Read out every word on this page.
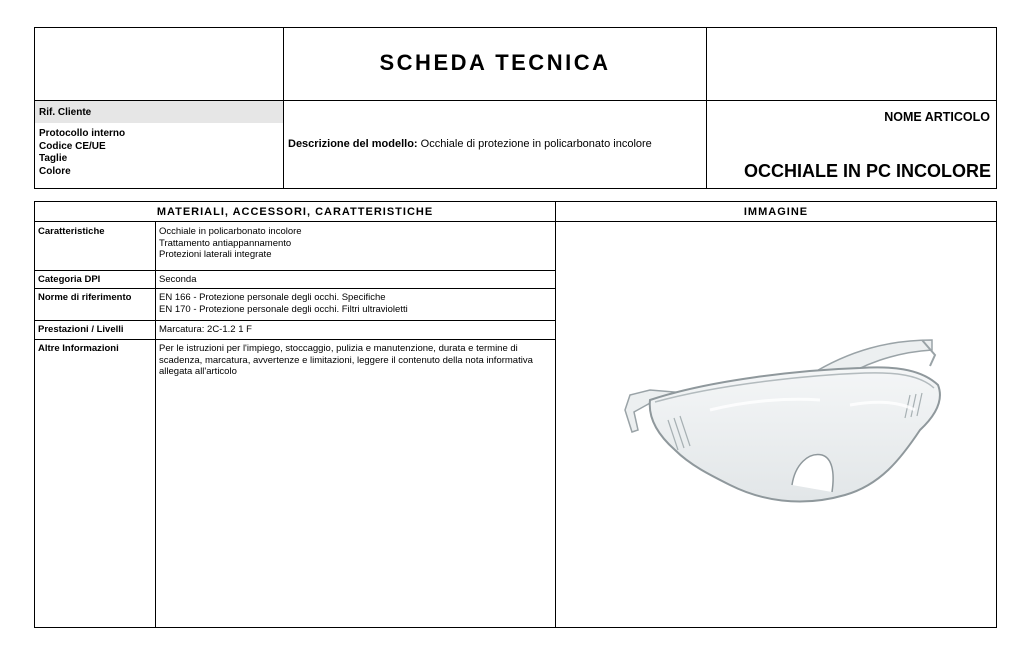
Rif. Cliente
Protocollo interno
Codice CE/UE
Taglie
Colore
SCHEDA TECNICA
Descrizione del modello: Occhiale di protezione in policarbonato incolore
NOME ARTICOLO
OCCHIALE IN PC INCOLORE
MATERIALI, ACCESSORI, CARATTERISTICHE	IMMAGINE
Caratteristiche	Occhiale in policarbonato incolore
Trattamento antiappannamento
Protezioni laterali integrate
Categoria DPI	Seconda
Norme di riferimento	EN 166 - Protezione personale degli occhi. Specifiche
EN 170 - Protezione personale degli occhi. Filtri ultravioletti
Prestazioni / Livelli	Marcatura: 2C-1.2 1 F
Altre Informazioni	Per le istruzioni per l'impiego, stoccaggio, pulizia e manutenzione, durata e termine di scadenza, marcatura, avvertenze e limitazioni, leggere il contenuto della nota informativa allegata all'articolo
